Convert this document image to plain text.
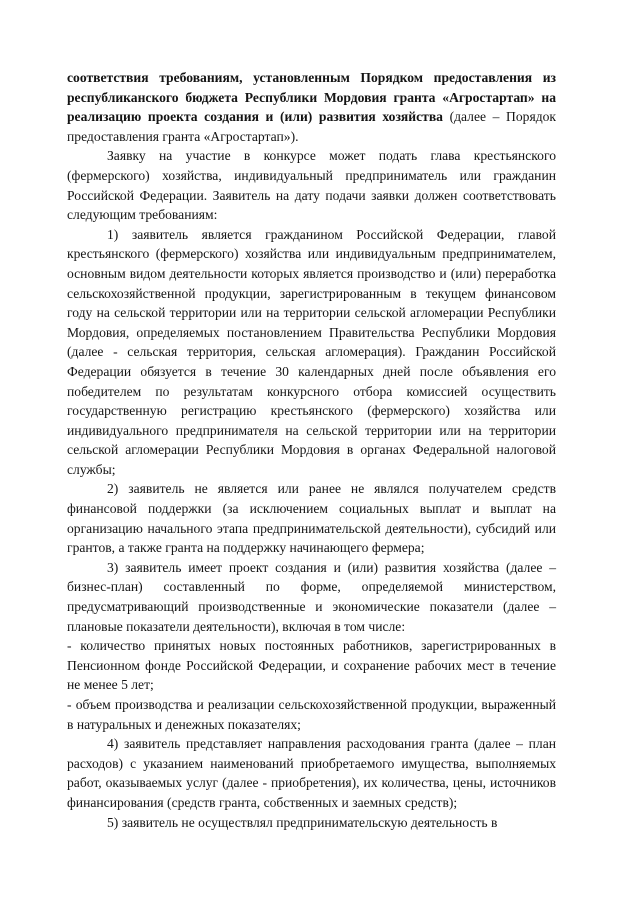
соответствия требованиям, установленным Порядком предоставления из республиканского бюджета Республики Мордовия гранта «Агростартап» на реализацию проекта создания и (или) развития хозяйства (далее – Порядок предоставления гранта «Агростартап»).

Заявку на участие в конкурсе может подать глава крестьянского (фермерского) хозяйства, индивидуальный предприниматель или гражданин Российской Федерации. Заявитель на дату подачи заявки должен соответствовать следующим требованиям:

1) заявитель является гражданином Российской Федерации, главой крестьянского (фермерского) хозяйства или индивидуальным предпринимателем, основным видом деятельности которых является производство и (или) переработка сельскохозяйственной продукции, зарегистрированным в текущем финансовом году на сельской территории или на территории сельской агломерации Республики Мордовия, определяемых постановлением Правительства Республики Мордовия (далее - сельская территория, сельская агломерация). Гражданин Российской Федерации обязуется в течение 30 календарных дней после объявления его победителем по результатам конкурсного отбора комиссией осуществить государственную регистрацию крестьянского (фермерского) хозяйства или индивидуального предпринимателя на сельской территории или на территории сельской агломерации Республики Мордовия в органах Федеральной налоговой службы;

2) заявитель не является или ранее не являлся получателем средств финансовой поддержки (за исключением социальных выплат и выплат на организацию начального этапа предпринимательской деятельности), субсидий или грантов, а также гранта на поддержку начинающего фермера;

3) заявитель имеет проект создания и (или) развития хозяйства (далее – бизнес-план) составленный по форме, определяемой министерством, предусматривающий производственные и экономические показатели (далее – плановые показатели деятельности), включая в том числе:

- количество принятых новых постоянных работников, зарегистрированных в Пенсионном фонде Российской Федерации, и сохранение рабочих мест в течение не менее 5 лет;

- объем производства и реализации сельскохозяйственной продукции, выраженный в натуральных и денежных показателях;

4) заявитель представляет направления расходования гранта (далее – план расходов) с указанием наименований приобретаемого имущества, выполняемых работ, оказываемых услуг (далее - приобретения), их количества, цены, источников финансирования (средств гранта, собственных и заемных средств);

5) заявитель не осуществлял предпринимательскую деятельность в
